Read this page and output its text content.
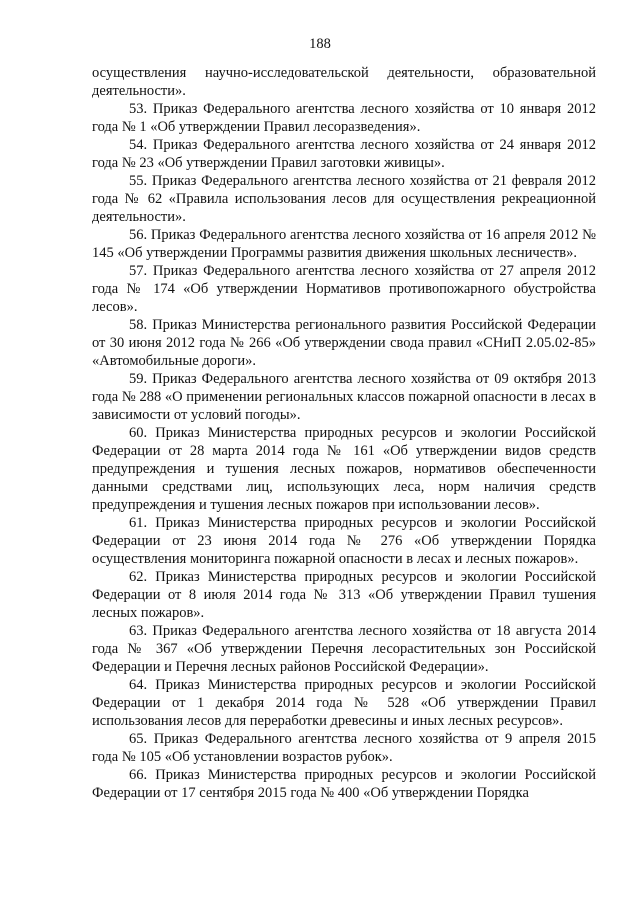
188

осуществления научно-исследовательской деятельности, образовательной деятельности».

53. Приказ Федерального агентства лесного хозяйства от 10 января 2012 года № 1 «Об утверждении Правил лесоразведения».

54. Приказ Федерального агентства лесного хозяйства от 24 января 2012 года № 23 «Об утверждении Правил заготовки живицы».

55. Приказ Федерального агентства лесного хозяйства от 21 февраля 2012 года № 62 «Правила использования лесов для осуществления рекреационной деятельности».

56. Приказ Федерального агентства лесного хозяйства от 16 апреля 2012 № 145 «Об утверждении Программы развития движения школьных лесничеств».

57. Приказ Федерального агентства лесного хозяйства от 27 апреля 2012 года № 174 «Об утверждении Нормативов противопожарного обустройства лесов».

58. Приказ Министерства регионального развития Российской Федерации от 30 июня 2012 года № 266 «Об утверждении свода правил «СНиП 2.05.02-85» «Автомобильные дороги».

59. Приказ Федерального агентства лесного хозяйства от 09 октября 2013 года № 288 «О применении региональных классов пожарной опасности в лесах в зависимости от условий погоды».

60. Приказ Министерства природных ресурсов и экологии Российской Федерации от 28 марта 2014 года № 161 «Об утверждении видов средств предупреждения и тушения лесных пожаров, нормативов обеспеченности данными средствами лиц, использующих леса, норм наличия средств предупреждения и тушения лесных пожаров при использовании лесов».

61. Приказ Министерства природных ресурсов и экологии Российской Федерации от 23 июня 2014 года № 276 «Об утверждении Порядка осуществления мониторинга пожарной опасности в лесах и лесных пожаров».

62. Приказ Министерства природных ресурсов и экологии Российской Федерации от 8 июля 2014 года № 313 «Об утверждении Правил тушения лесных пожаров».

63. Приказ Федерального агентства лесного хозяйства от 18 августа 2014 года № 367 «Об утверждении Перечня лесорастительных зон Российской Федерации и Перечня лесных районов Российской Федерации».

64. Приказ Министерства природных ресурсов и экологии Российской Федерации от 1 декабря 2014 года № 528 «Об утверждении Правил использования лесов для переработки древесины и иных лесных ресурсов».

65. Приказ Федерального агентства лесного хозяйства от 9 апреля 2015 года № 105 «Об установлении возрастов рубок».

66. Приказ Министерства природных ресурсов и экологии Российской Федерации от 17 сентября 2015 года № 400 «Об утверждении Порядка
